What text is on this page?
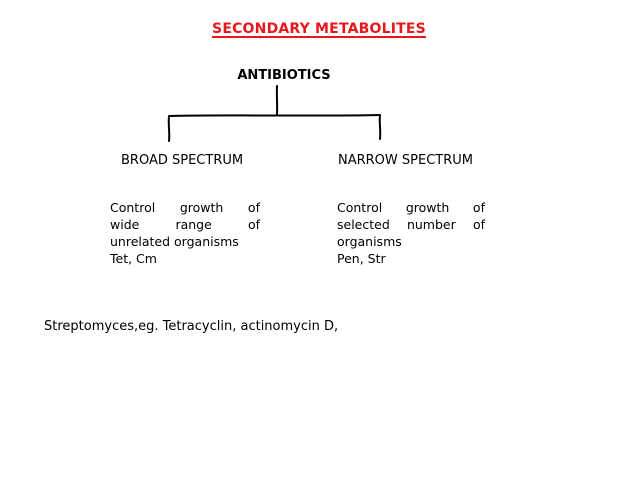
SECONDARY METABOLITES
ANTIBIOTICS
BROAD SPECTRUM	NARROW SPECTRUM
Control growth of
wide range of
unrelated organisms
Tet, Cm
Control growth of
selected number of
organisms
Pen, Str
Streptomyces,eg. Tetracyclin, actinomycin D,
